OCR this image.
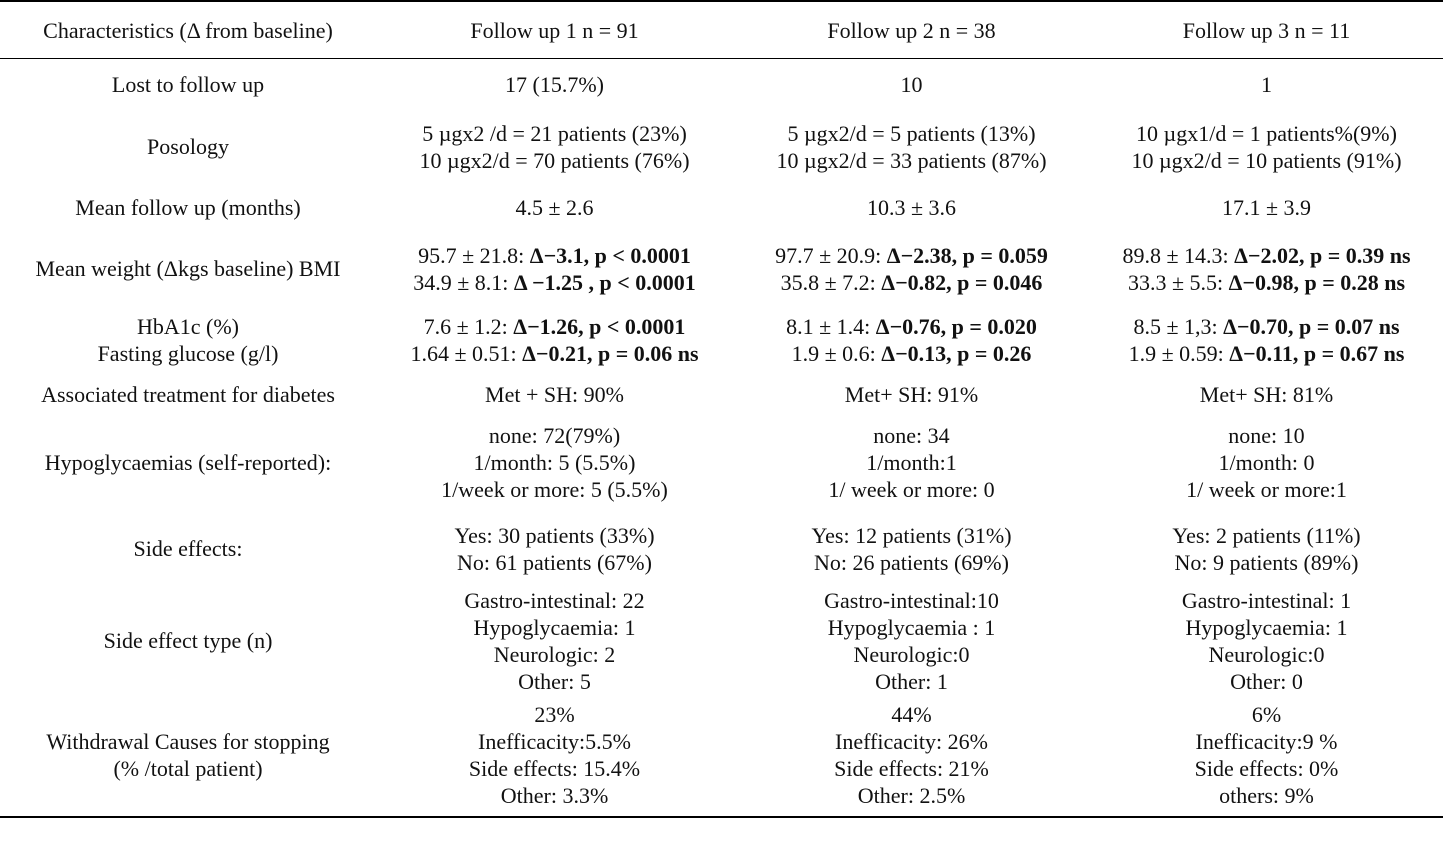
Characteristics (Δ from baseline)	Follow up 1 n = 91	Follow up 2 n = 38	Follow up 3 n = 11

Lost to follow up	17 (15.7%)	10	1

Posology	5 µgx2 /d = 21 patients (23%)
10 µgx2/d = 70 patients (76%)	5 µgx2/d = 5 patients (13%)
10 µgx2/d = 33 patients (87%)	10 µgx1/d = 1 patients%(9%)
10 µgx2/d = 10 patients (91%)

Mean follow up (months)	4.5 ± 2.6	10.3 ± 3.6	17.1 ± 3.9

Mean weight (Δkgs baseline) BMI	95.7 ± 21.8: Δ−3.1, p < 0.0001
34.9 ± 8.1: Δ −1.25 , p < 0.0001	97.7 ± 20.9: Δ−2.38, p = 0.059
35.8 ± 7.2: Δ−0.82, p = 0.046	89.8 ± 14.3: Δ−2.02, p = 0.39 ns
33.3 ± 5.5: Δ−0.98, p = 0.28 ns

HbA1c (%)
Fasting glucose (g/l)	7.6 ± 1.2: Δ−1.26, p < 0.0001
1.64 ± 0.51: Δ−0.21, p = 0.06 ns	8.1 ± 1.4: Δ−0.76, p = 0.020
1.9 ± 0.6: Δ−0.13, p = 0.26	8.5 ± 1,3: Δ−0.70, p = 0.07 ns
1.9 ± 0.59: Δ−0.11, p = 0.67 ns

Associated treatment for diabetes	Met + SH: 90%	Met+ SH: 91%	Met+ SH: 81%

Hypoglycaemias (self-reported):	none: 72(79%)
1/month: 5 (5.5%)
1/week or more: 5 (5.5%)	none: 34
1/month:1
1/ week or more: 0	none: 10
1/month: 0
1/ week or more:1

Side effects:	Yes: 30 patients (33%)
No: 61 patients (67%)	Yes: 12 patients (31%)
No: 26 patients (69%)	Yes: 2 patients (11%)
No: 9 patients (89%)

Side effect type (n)	Gastro-intestinal: 22
Hypoglycaemia: 1
Neurologic: 2
Other: 5	Gastro-intestinal:10
Hypoglycaemia : 1
Neurologic:0
Other: 1	Gastro-intestinal: 1
Hypoglycaemia: 1
Neurologic:0
Other: 0

Withdrawal Causes for stopping
(% /total patient)	23%
Inefficacity:5.5%
Side effects: 15.4%
Other: 3.3%	44%
Inefficacity: 26%
Side effects: 21%
Other: 2.5%	6%
Inefficacity:9 %
Side effects: 0%
others: 9%
